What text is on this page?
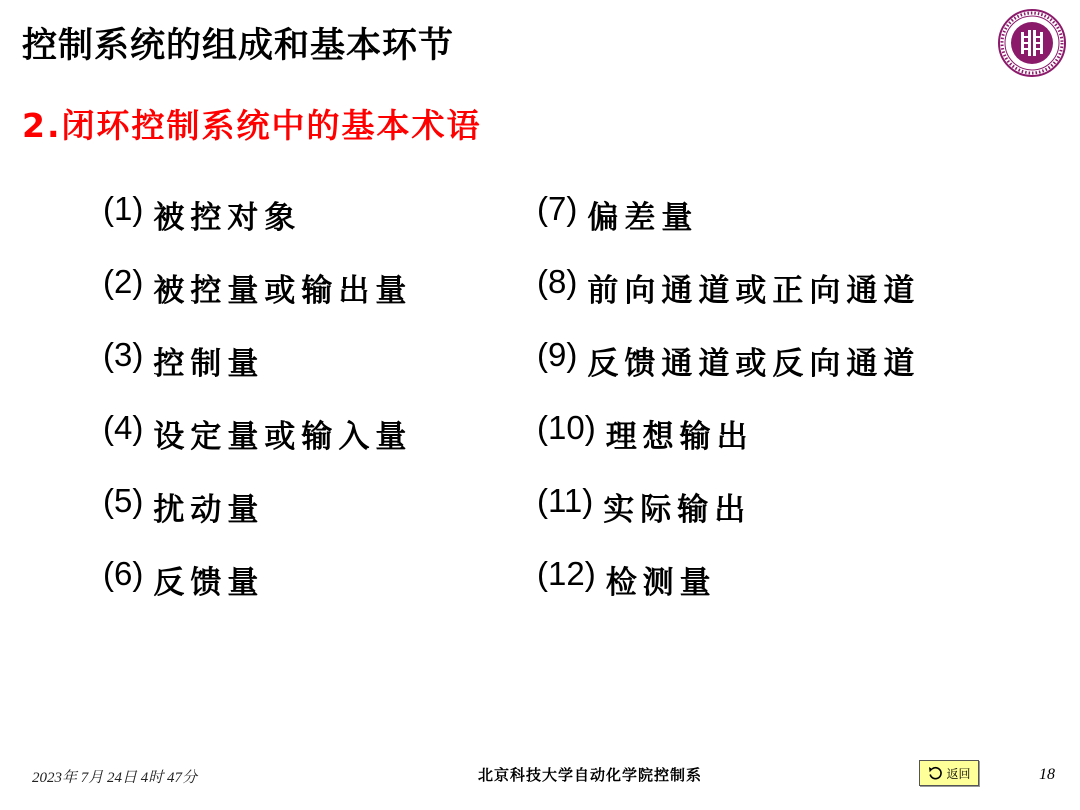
控制系统的组成和基本环节
2.闭环控制系统中的基本术语
(1) 被控对象
(2) 被控量或输出量
(3) 控制量
(4) 设定量或输入量
(5) 扰动量
(6) 反馈量
(7) 偏差量
(8) 前向通道或正向通道
(9) 反馈通道或反向通道
(10) 理想输出
(11) 实际输出
(12) 检测量
2023年 7月 24日 4时 47分	北京科技大学自动化学院控制系	返回	18
